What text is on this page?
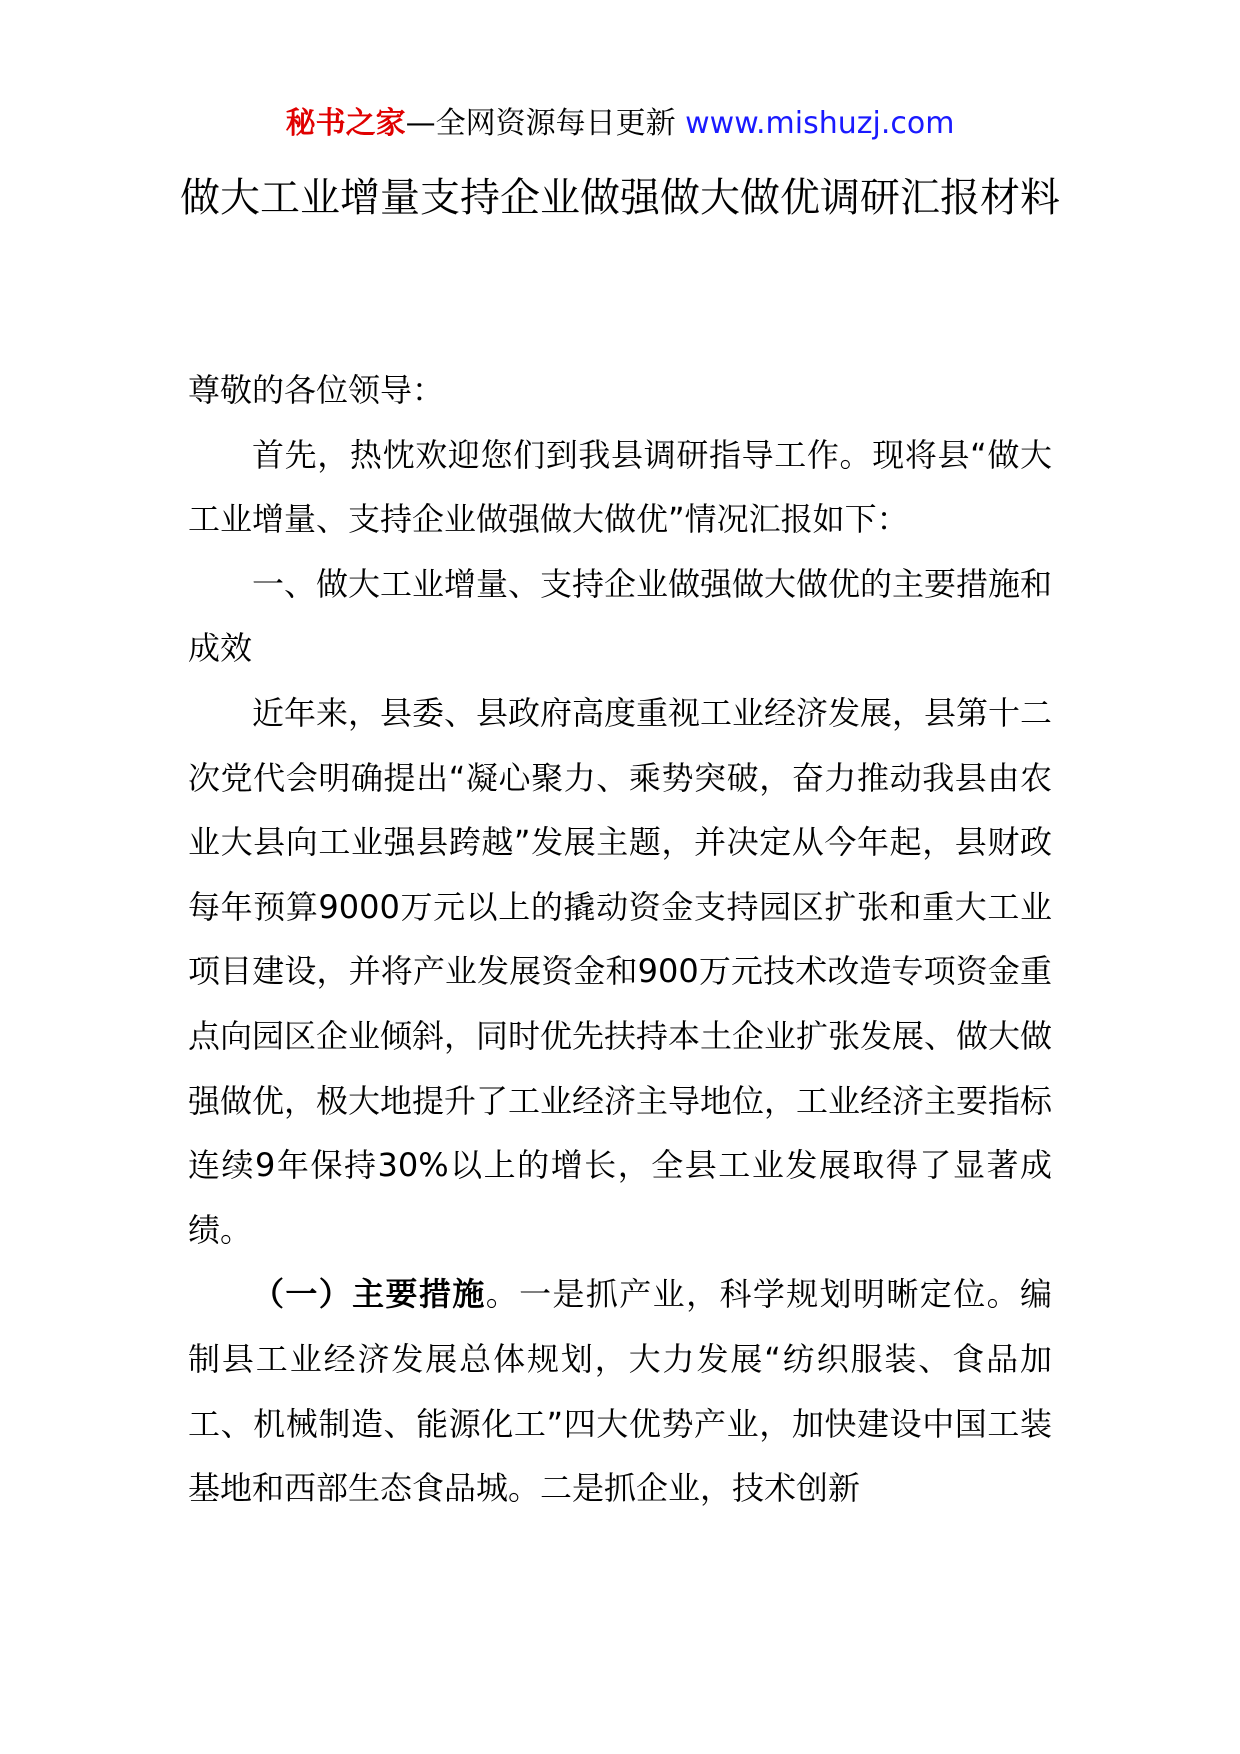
秘书之家—全网资源每日更新 www.mishuzj.com
做大工业增量支持企业做强做大做优调研汇报材料

尊敬的各位领导：

首先，热忱欢迎您们到我县调研指导工作。现将县“做大工业增量、支持企业做强做大做优”情况汇报如下：

一、做大工业增量、支持企业做强做大做优的主要措施和成效

近年来，县委、县政府高度重视工业经济发展，县第十二次党代会明确提出“凝心聚力、乘势突破，奋力推动我县由农业大县向工业强县跨越”发展主题，并决定从今年起，县财政每年预算9000万元以上的撬动资金支持园区扩张和重大工业项目建设，并将产业发展资金和900万元技术改造专项资金重点向园区企业倾斜，同时优先扶持本土企业扩张发展、做大做强做优，极大地提升了工业经济主导地位，工业经济主要指标连续9年保持30%以上的增长，全县工业发展取得了显著成绩。

（一）主要措施。一是抓产业，科学规划明晰定位。编制县工业经济发展总体规划，大力发展“纺织服装、食品加工、机械制造、能源化工”四大优势产业，加快建设中国工装基地和西部生态食品城。二是抓企业，技术创新
